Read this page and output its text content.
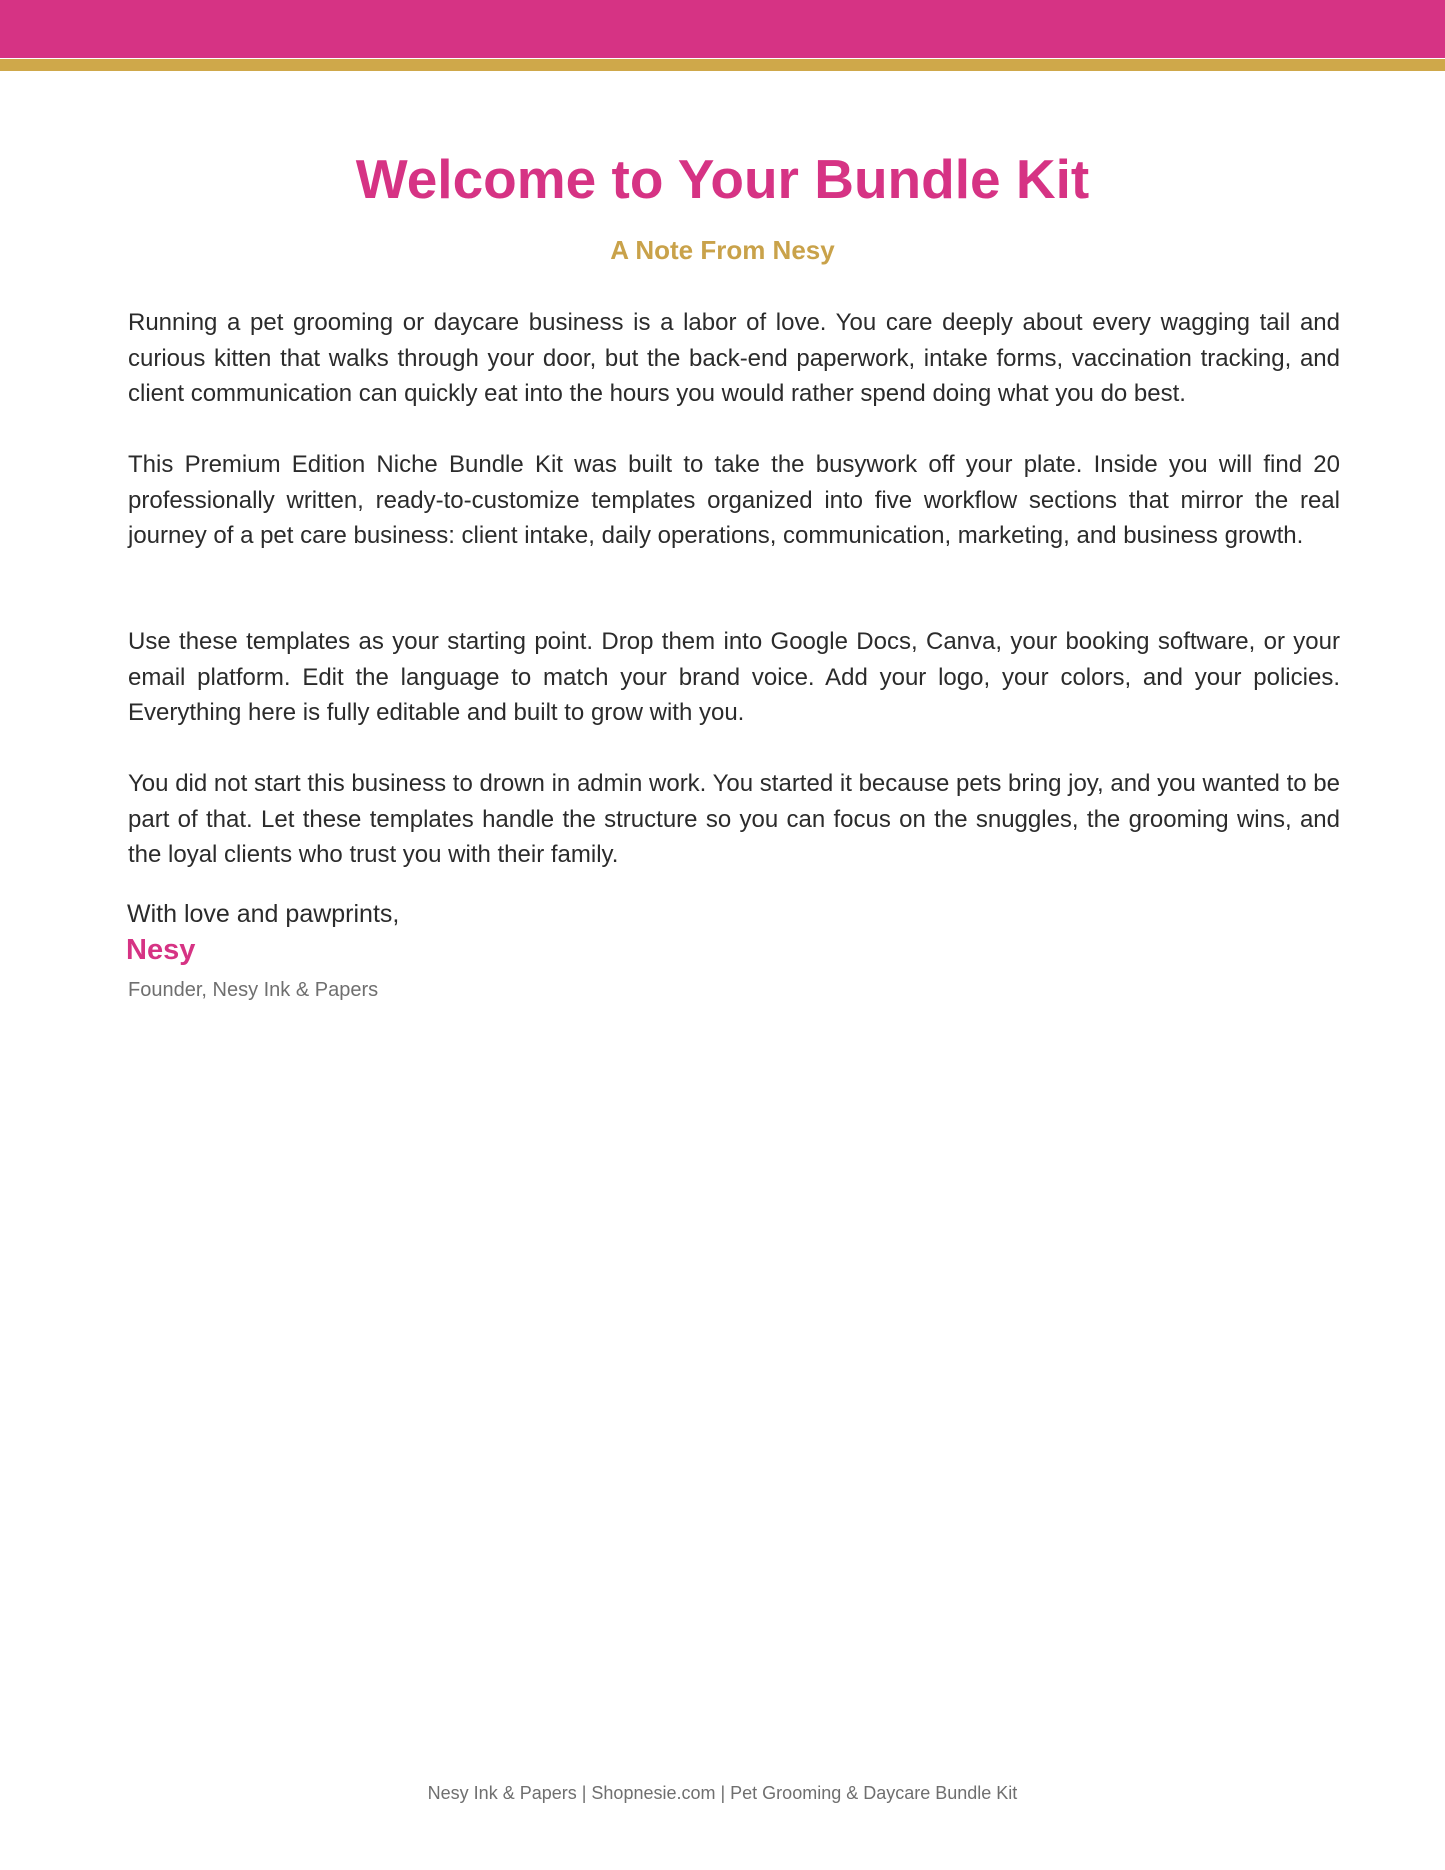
Welcome to Your Bundle Kit
A Note From Nesy

Running a pet grooming or daycare business is a labor of love. You care deeply about every wagging tail and curious kitten that walks through your door, but the back-end paperwork, intake forms, vaccination tracking, and client communication can quickly eat into the hours you would rather spend doing what you do best.

This Premium Edition Niche Bundle Kit was built to take the busywork off your plate. Inside you will find 20 professionally written, ready-to-customize templates organized into five workflow sections that mirror the real journey of a pet care business: client intake, daily operations, communication, marketing, and business growth.

Use these templates as your starting point. Drop them into Google Docs, Canva, your booking software, or your email platform. Edit the language to match your brand voice. Add your logo, your colors, and your policies. Everything here is fully editable and built to grow with you.

You did not start this business to drown in admin work. You started it because pets bring joy, and you wanted to be part of that. Let these templates handle the structure so you can focus on the snuggles, the grooming wins, and the loyal clients who trust you with their family.

With love and pawprints,

Nesy

Founder, Nesy Ink & Papers

Nesy Ink & Papers | Shopnesie.com | Pet Grooming & Daycare Bundle Kit
